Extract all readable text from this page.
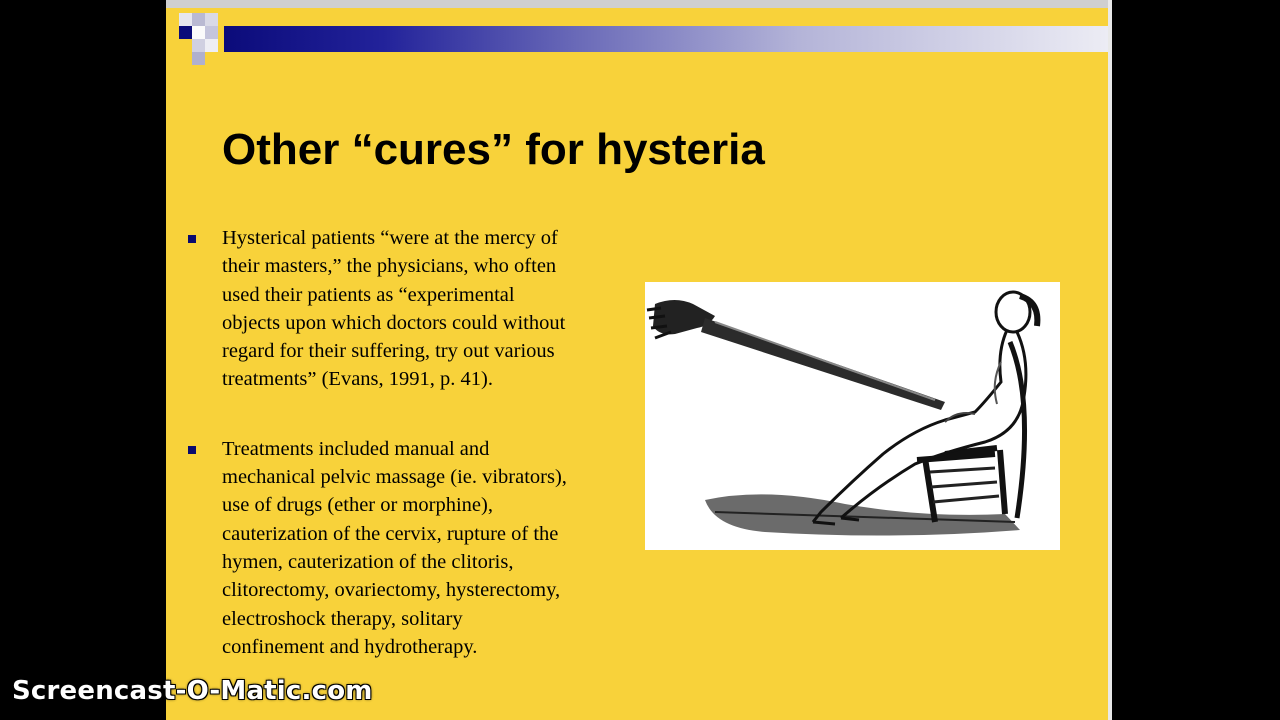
Other “cures” for hysteria
Hysterical patients “were at the mercy of
their masters,” the physicians, who often
used their patients as “experimental
objects upon which doctors could without
regard for their suffering, try out various
treatments” (Evans, 1991, p. 41).
Treatments included manual and
mechanical pelvic massage (ie. vibrators),
use of drugs (ether or morphine),
cauterization of the cervix, rupture of the
hymen, cauterization of the clitoris,
clitorectomy, ovariectomy, hysterectomy,
electroshock therapy, solitary
confinement and hydrotherapy.
Screencast-O-Matic.com
